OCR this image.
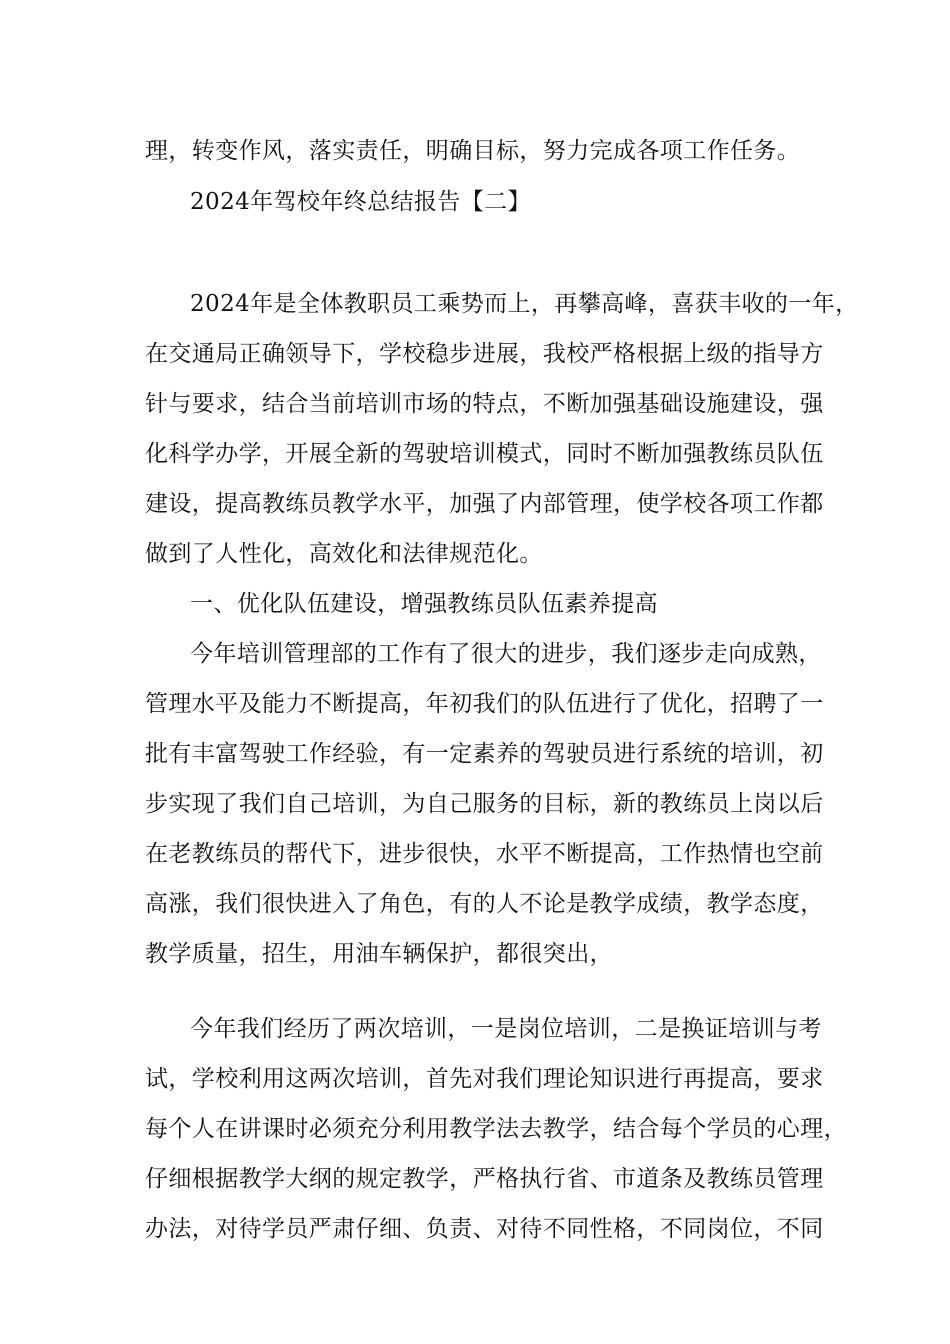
理，转变作风，落实责任，明确目标，努力完成各项工作任务。
2024年驾校年终总结报告【二】
2024年是全体教职员工乘势而上，再攀高峰，喜获丰收的一年，
在交通局正确领导下，学校稳步进展，我校严格根据上级的指导方
针与要求，结合当前培训市场的特点，不断加强基础设施建设，强
化科学办学，开展全新的驾驶培训模式，同时不断加强教练员队伍
建设，提高教练员教学水平，加强了内部管理，使学校各项工作都
做到了人性化，高效化和法律规范化。
一、优化队伍建设，增强教练员队伍素养提高
今年培训管理部的工作有了很大的进步，我们逐步走向成熟，
管理水平及能力不断提高，年初我们的队伍进行了优化，招聘了一
批有丰富驾驶工作经验，有一定素养的驾驶员进行系统的培训，初
步实现了我们自己培训，为自己服务的目标，新的教练员上岗以后
在老教练员的帮代下，进步很快，水平不断提高，工作热情也空前
高涨，我们很快进入了角色，有的人不论是教学成绩，教学态度，
教学质量，招生，用油车辆保护，都很突出，
今年我们经历了两次培训，一是岗位培训，二是换证培训与考
试，学校利用这两次培训，首先对我们理论知识进行再提高，要求
每个人在讲课时必须充分利用教学法去教学，结合每个学员的心理，
仔细根据教学大纲的规定教学，严格执行省、市道条及教练员管理
办法，对待学员严肃仔细、负责、对待不同性格，不同岗位，不同
